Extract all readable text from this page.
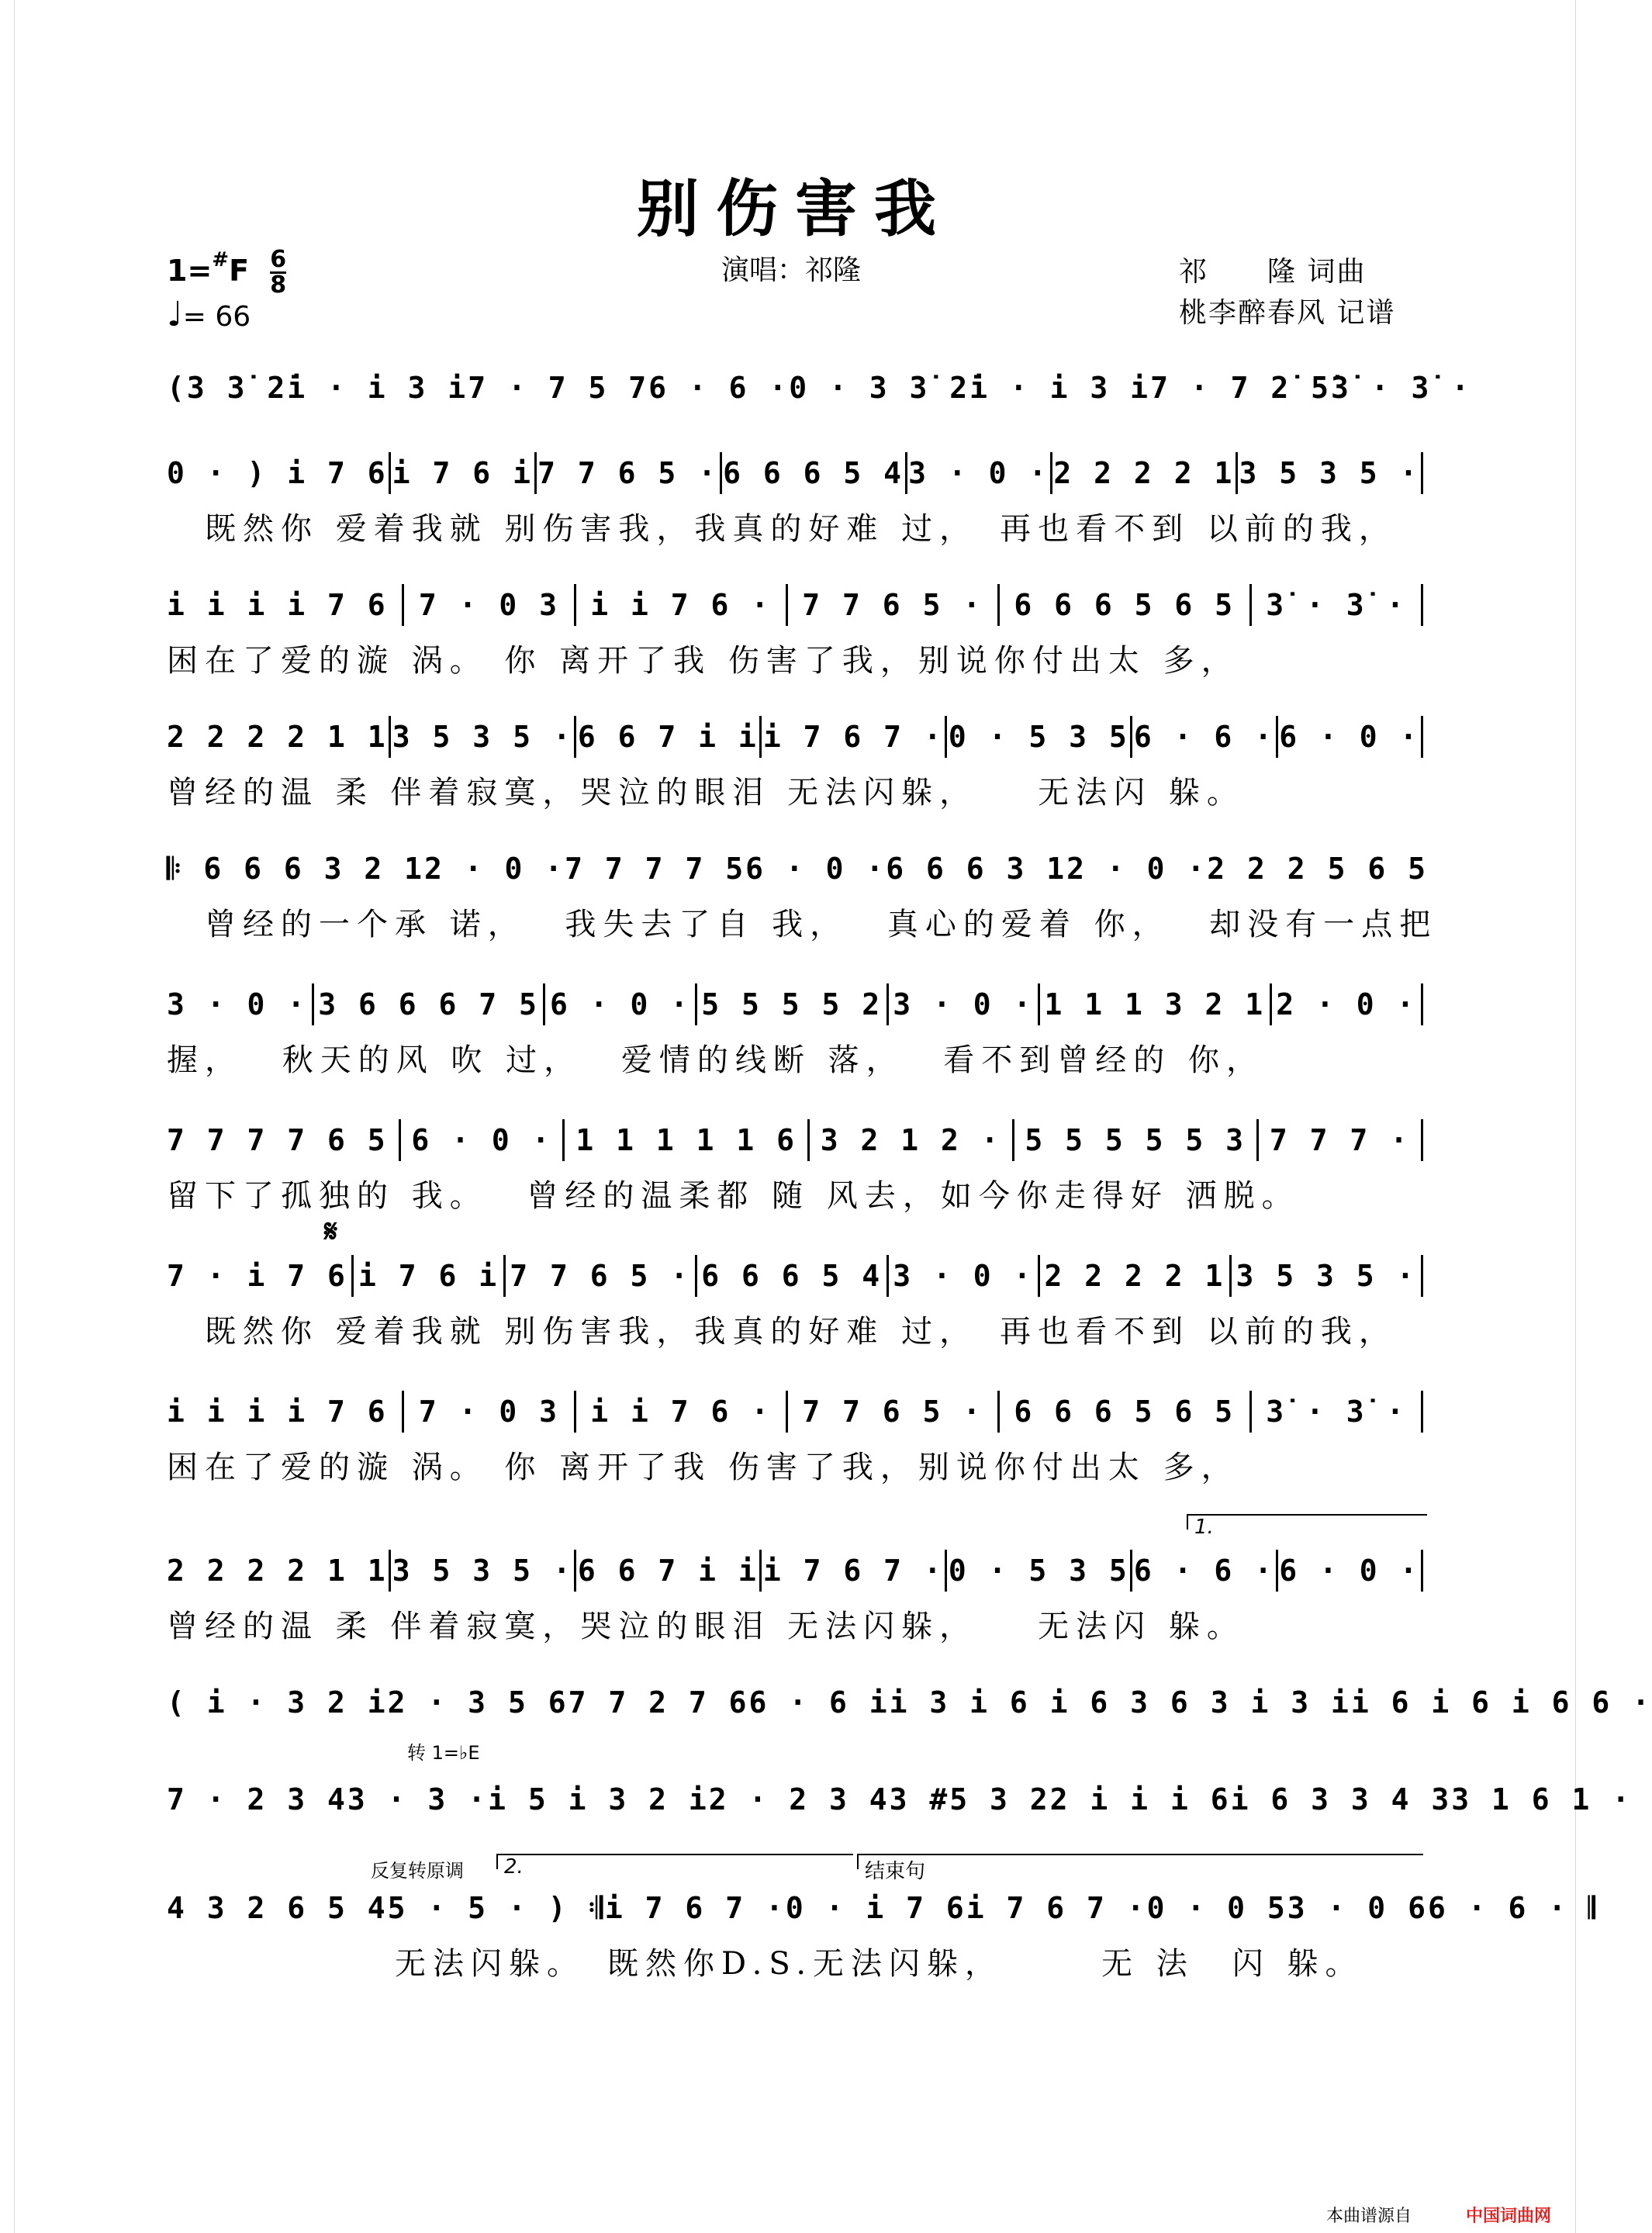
别伤害我
$1=^{\#}F \frac{6}{8}$
♩= 66
演唱：祁隆	祁　　隆 词曲
桃李醉春风 记谱
𝄋
1.
转 1=♭E
反复转原调	2.	结束句
(3 3̇ 2̇ i · i 3 i 7 · 7 5 7 6 · 6 · 0 · 3 3̇ 2̇ i · i 3 i 7 · 7 2̇ 5̇ 3̇ · 3̇ ·
0 · ) i 7 6 i 7 6 i 7 7 6 5 · 6 6 6 5 4 3 · 0 · 2 2 2 2 1 3 5 3 5 ·
　既然你 爱着我就 别伤害我，我真的好难 过，　再也看不到 以前的我，
i i i i 7 6 7 · 0 3 i i 7 6 · 7 7 6 5 · 6 6 6 5 6 5 3̇ · 3̇ ·
困在了爱的漩 涡。 你 离开了我 伤害了我，别说你付出太 多，
2 2 2 2 1 1 3 5 3 5 · 6 6 7 i i i 7 6 7 · 0 · 5 3 5 6 · 6 · 6 · 0 ·
曾经的温 柔 伴着寂寞，哭泣的眼泪 无法闪躲，　　无法闪 躲。
𝄆 6 6 6 3 2 1 2 · 0 · 7 7 7 7 5 6 · 0 · 6 6 6 3 1 2 · 0 · 2 2 2 5 6 5
　曾经的一个承 诺，　 我失去了自 我，　 真心的爱着 你，　 却没有一点把
3 · 0 · 3 6 6 6 7 5 6 · 0 · 5 5 5 5 2 3 · 0 · 1 1 1 3 2 1 2 · 0 ·
握，　 秋天的风 吹 过，　 爱情的线断 落，　 看不到曾经的 你，
7 7 7 7 6 5 6 · 0 · 1 1 1 1 1 6 3 2 1 2 · 5 5 5 5 5 3 7 7 7 ·
留下了孤独的 我。　 曾经的温柔都 随 风去，如今你走得好 洒脱。
7 · i 7 6 i 7 6 i 7 7 6 5 · 6 6 6 5 4 3 · 0 · 2 2 2 2 1 3 5 3 5 ·
　既然你 爱着我就 别伤害我，我真的好难 过，　再也看不到 以前的我，
i i i i 7 6 7 · 0 3 i i 7 6 · 7 7 6 5 · 6 6 6 5 6 5 3̇ · 3̇ ·
困在了爱的漩 涡。 你 离开了我 伤害了我，别说你付出太 多，
2 2 2 2 1 1 3 5 3 5 · 6 6 7 i i i 7 6 7 · 0 · 5 3 5 6 · 6 · 6 · 0 ·
曾经的温 柔 伴着寂寞，哭泣的眼泪 无法闪躲，　　无法闪 躲。
( i · 3 2 i 2 · 3 5 6 7 7 2 7 6 6 · 6 i i 3 i 6 i 6 3 6 3 i 3 i i 6 i 6 i 6 6 ·
7 · 2 3 4 3 · 3 · i 5 i 3 2 i 2 · 2 3 4 3 #5 3 2 2 i i i 6 i 6 3 3 4 3 3 1 6 1 ·
4 3 2 6 5 4 5 · 5 · ) 𝄇 i 7 6 7 · 0 · i 7 6 i 7 6 7 · 0 · 0 5 3 · 0 6 6 · 6 · 𝄂
　　　　　　无法闪躲。　既然你D.S.无法闪躲，　　　无 法　闪 躲。
本曲谱源自	中国词曲网
